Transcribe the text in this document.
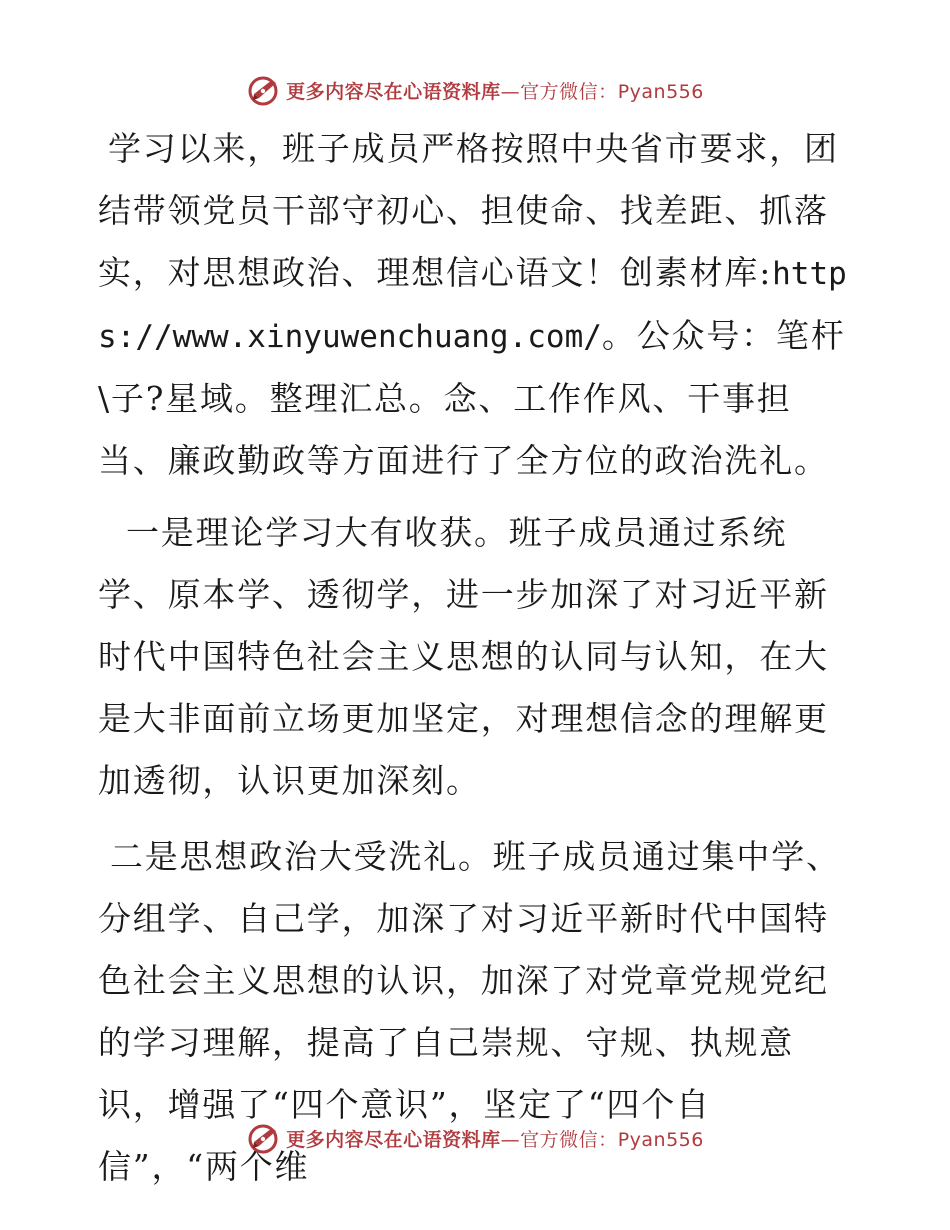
更多内容尽在心语资料库—官方微信：Pyan556

学习以来，班子成员严格按照中央省市要求，团结带领党员干部守初心、担使命、找差距、抓落实，对思想政治、理想信心语文！创素材库:https://www.xinyuwenchuang.com/。公众号：笔杆\子?星域。整理汇总。念、工作作风、干事担当、廉政勤政等方面进行了全方位的政治洗礼。

一是理论学习大有收获。班子成员通过系统学、原本学、透彻学，进一步加深了对习近平新时代中国特色社会主义思想的认同与认知，在大是大非面前立场更加坚定，对理想信念的理解更加透彻，认识更加深刻。

二是思想政治大受洗礼。班子成员通过集中学、分组学、自己学，加深了对习近平新时代中国特色社会主义思想的认识，加深了对党章党规党纪的学习理解，提高了自己崇规、守规、执规意识，增强了“四个意识”，坚定了“四个自信”，“两个维

更多内容尽在心语资料库—官方微信：Pyan556
